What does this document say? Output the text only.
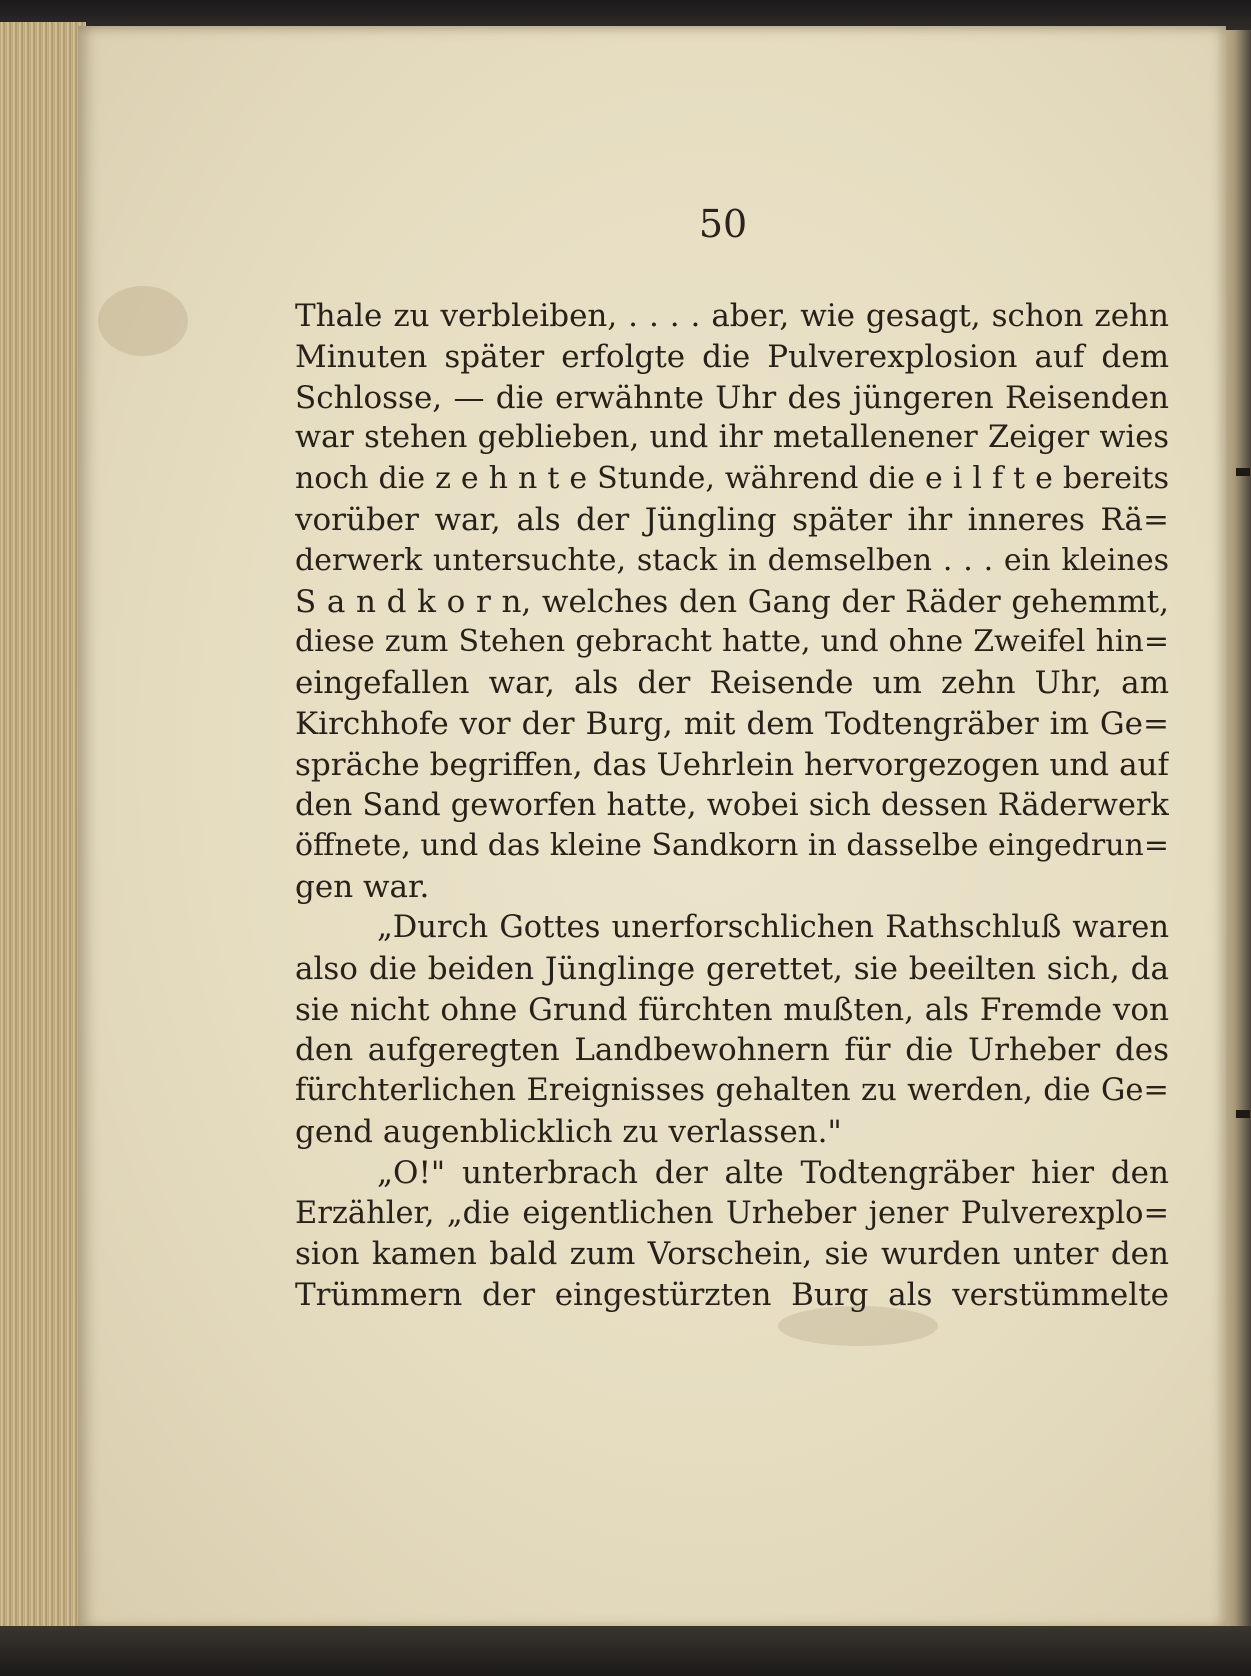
50

Thale zu verbleiben, . . . . aber, wie gesagt, schon zehn
Minuten später erfolgte die Pulverexplosion auf dem
Schlosse, — die erwähnte Uhr des jüngeren Reisenden
war stehen geblieben, und ihr metallenener Zeiger wies
noch die z e h n t e Stunde, während die e i l f t e bereits
vorüber war, als der Jüngling später ihr inneres Rä=
derwerk untersuchte, stack in demselben . . . ein kleines
S a n d k o r n, welches den Gang der Räder gehemmt,
diese zum Stehen gebracht hatte, und ohne Zweifel hin=
eingefallen war, als der Reisende um zehn Uhr, am
Kirchhofe vor der Burg, mit dem Todtengräber im Ge=
spräche begriffen, das Uehrlein hervorgezogen und auf
den Sand geworfen hatte, wobei sich dessen Räderwerk
öffnete, und das kleine Sandkorn in dasselbe eingedrun=
gen war.
„Durch Gottes unerforschlichen Rathschluß waren
also die beiden Jünglinge gerettet, sie beeilten sich, da
sie nicht ohne Grund fürchten mußten, als Fremde von
den aufgeregten Landbewohnern für die Urheber des
fürchterlichen Ereignisses gehalten zu werden, die Ge=
gend augenblicklich zu verlassen."
„O!" unterbrach der alte Todtengräber hier den
Erzähler, „die eigentlichen Urheber jener Pulverexplo=
sion kamen bald zum Vorschein, sie wurden unter den
Trümmern der eingestürzten Burg als verstümmelte
